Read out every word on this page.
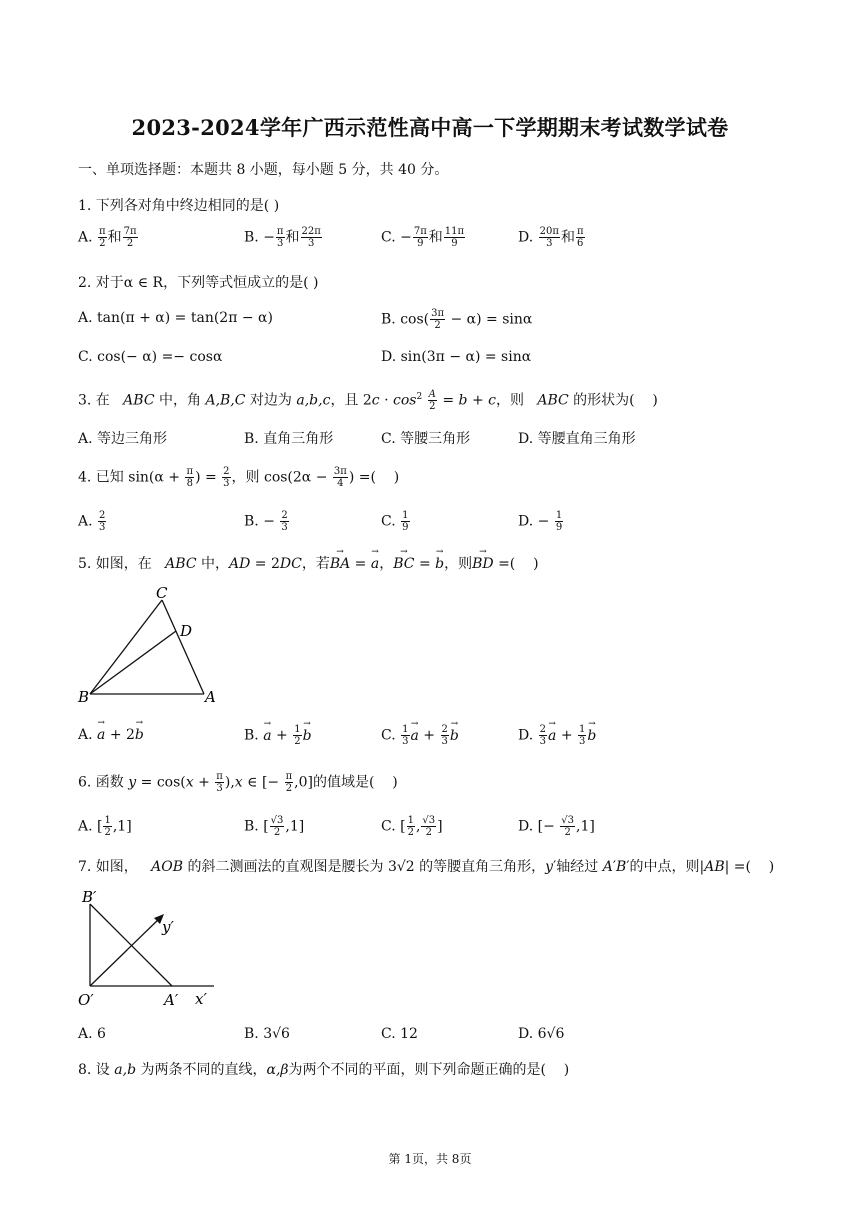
2023-2024学年广西示范性高中高一下学期期末考试数学试卷
一、单项选择题：本题共 8 小题，每小题 5 分，共 40 分。
1. 下列各对角中终边相同的是( )
A. $\frac{\pi}{2}$ 和 $\frac{7\pi}{2}$	B. − $\frac{\pi}{3}$ 和 $\frac{22\pi}{3}$	C. − $\frac{7\pi}{9}$ 和 $\frac{11\pi}{9}$	D. $\frac{20\pi}{3}$ 和 $\frac{\pi}{6}$
2. 对于α ∈ R，下列等式恒成立的是( )
A. tan(π + α) = tan(2π − α)	B. $\cos( \frac{3\pi}{2} - \alpha) = \sin\alpha$
C. cos(− α) =− cosα	D. sin(3π − α) = sinα
3. 在   ABC 中，角 A,B,C 对边为 a,b,c，且 $2c \cdot \cos^2 \frac{A}{2} = b + c$，则   ABC 的形状为(    )
A. 等边三角形	B. 直角三角形	C. 等腰三角形	D. 等腰直角三角形
4. 已知 $\sin(\alpha + \frac{\pi}{8}$ ) = $\frac{2}{3}$ ，则 $\cos(2\alpha - \frac{3\pi}{4}$ ) =(    )
A. $\frac{2}{3}$	B. − $\frac{2}{3}$	C. $\frac{1}{9}$	D. − $\frac{1}{9}$
5. 如图，在   ABC 中，AD = 2DC，若→ BA = → a，→ BC = → b，则→ BD =(    )
C
D
B	A
A. → a + 2→ b	B. → $a + \frac{1}{2}$
→ b	C. $\frac{1}{3}$
→ $a + \frac{2}{3}$
→ b	D. $\frac{2}{3}$
→ $a + \frac{1}{3}$
→ b
6. 函数 $y = \cos(x + \frac{\pi}{3} ),x$ ∈ [− $\frac{\pi}{2} ,0$]的值域是(    )
A. [ $\frac{1}{2} ,1$]	B. [ $\frac{√3}{2} ,1$]	C. [ $\frac{1}{2}$ , $\frac{√3}{2}$ ]	D. [− $\frac{√3}{2} ,1$]
7. 如图，   AOB 的斜二测画法的直观图是腰长为 3√2 的等腰直角三角形，y′轴经过 A′B′的中点，则|AB| =(    )
B′
O′	A′ x′
y′
A. 6	B. 3√6	C. 12	D. 6√6
8. 设 a,b 为两条不同的直线，α,β为两个不同的平面，则下列命题正确的是(    )
第 1页，共 8页
